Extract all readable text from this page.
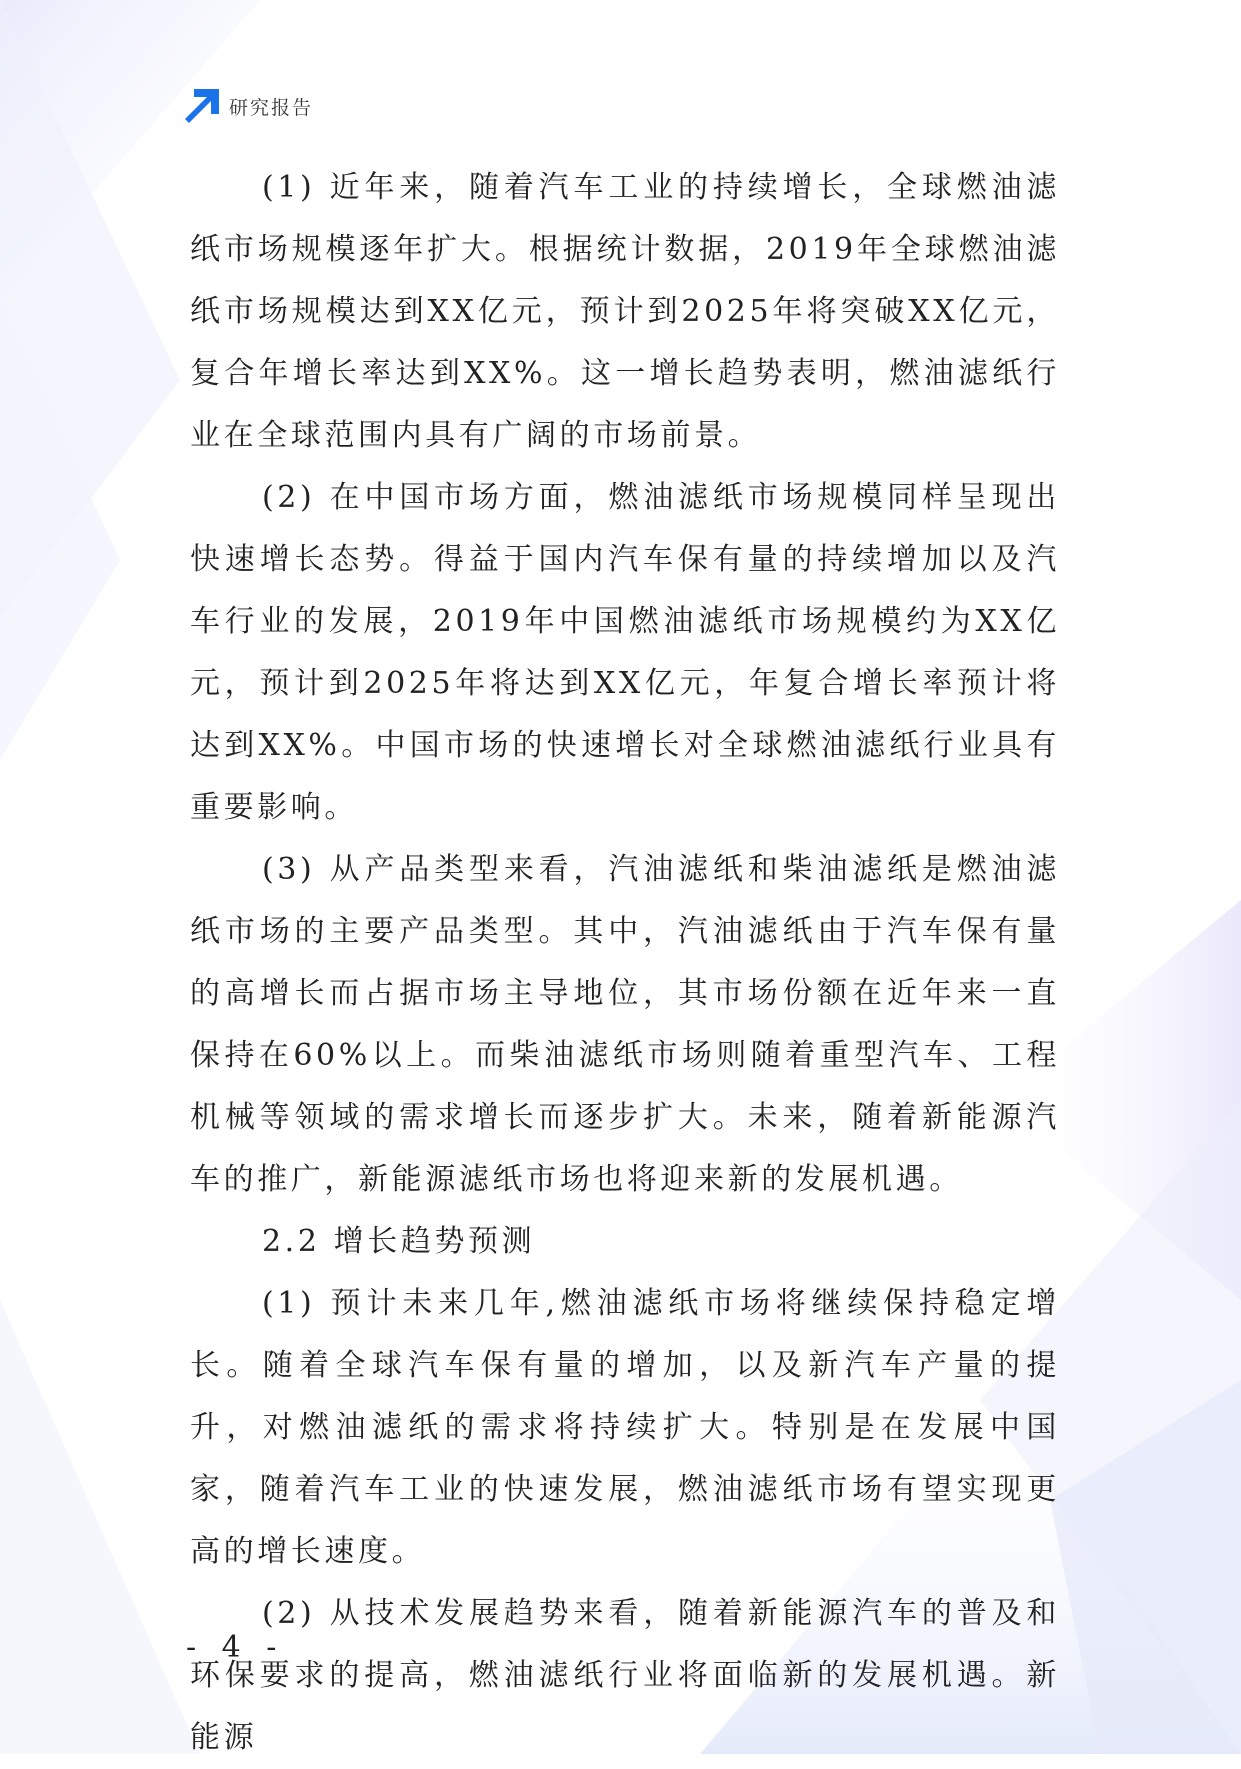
研究报告

(1) 近年来，随着汽车工业的持续增长，全球燃油滤纸市场规模逐年扩大。根据统计数据，2019年全球燃油滤纸市场规模达到XX亿元，预计到2025年将突破XX亿元，复合年增长率达到XX%。这一增长趋势表明，燃油滤纸行业在全球范围内具有广阔的市场前景。

(2) 在中国市场方面，燃油滤纸市场规模同样呈现出快速增长态势。得益于国内汽车保有量的持续增加以及汽车行业的发展，2019年中国燃油滤纸市场规模约为XX亿元，预计到2025年将达到XX亿元，年复合增长率预计将达到XX%。中国市场的快速增长对全球燃油滤纸行业具有重要影响。

(3) 从产品类型来看，汽油滤纸和柴油滤纸是燃油滤纸市场的主要产品类型。其中，汽油滤纸由于汽车保有量的高增长而占据市场主导地位，其市场份额在近年来一直保持在60%以上。而柴油滤纸市场则随着重型汽车、工程机械等领域的需求增长而逐步扩大。未来，随着新能源汽车的推广，新能源滤纸市场也将迎来新的发展机遇。

2.2 增长趋势预测

(1) 预计未来几年,燃油滤纸市场将继续保持稳定增长。随着全球汽车保有量的增加，以及新汽车产量的提升，对燃油滤纸的需求将持续扩大。特别是在发展中国家，随着汽车工业的快速发展，燃油滤纸市场有望实现更高的增长速度。

(2) 从技术发展趋势来看，随着新能源汽车的普及和环保要求的提高，燃油滤纸行业将面临新的发展机遇。新能源

- 4 -
